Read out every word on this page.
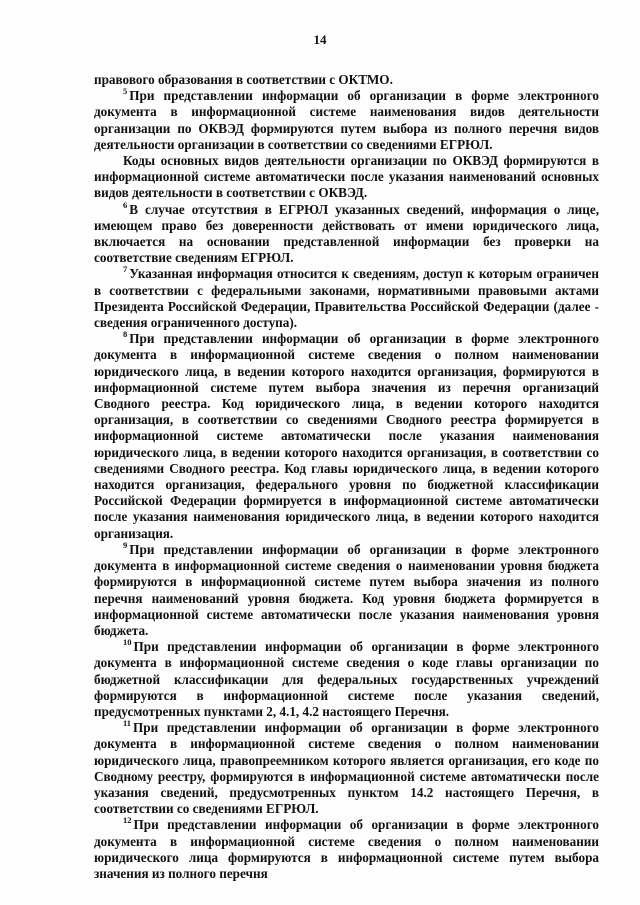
14

правового образования в соответствии с ОКТМО.

$^5$ При представлении информации об организации в форме электронного документа в информационной системе наименования видов деятельности организации по ОКВЭД формируются путем выбора из полного перечня видов деятельности организации в соответствии со сведениями ЕГРЮЛ.

Коды основных видов деятельности организации по ОКВЭД формируются в информационной системе автоматически после указания наименований основных видов деятельности в соответствии с ОКВЭД.

$^6$ В случае отсутствия в ЕГРЮЛ указанных сведений, информация о лице, имеющем право без доверенности действовать от имени юридического лица, включается на основании представленной информации без проверки на соответствие сведениям ЕГРЮЛ.

$^7$ Указанная информация относится к сведениям, доступ к которым ограничен в соответствии с федеральными законами, нормативными правовыми актами Президента Российской Федерации, Правительства Российской Федерации (далее - сведения ограниченного доступа).

$^8$ При представлении информации об организации в форме электронного документа в информационной системе сведения о полном наименовании юридического лица, в ведении которого находится организация, формируются в информационной системе путем выбора значения из перечня организаций Сводного реестра. Код юридического лица, в ведении которого находится организация, в соответствии со сведениями Сводного реестра формируется в информационной системе автоматически после указания наименования юридического лица, в ведении которого находится организация, в соответствии со сведениями Сводного реестра. Код главы юридического лица, в ведении которого находится организация, федерального уровня по бюджетной классификации Российской Федерации формируется в информационной системе автоматически после указания наименования юридического лица, в ведении которого находится организация.

$^9$ При представлении информации об организации в форме электронного документа в информационной системе сведения о наименовании уровня бюджета формируются в информационной системе путем выбора значения из полного перечня наименований уровня бюджета. Код уровня бюджета формируется в информационной системе автоматически после указания наименования уровня бюджета.

$^{10}$ При представлении информации об организации в форме электронного документа в информационной системе сведения о коде главы организации по бюджетной классификации для федеральных государственных учреждений формируются в информационной системе после указания сведений, предусмотренных пунктами 2, 4.1, 4.2 настоящего Перечня.

$^{11}$ При представлении информации об организации в форме электронного документа в информационной системе сведения о полном наименовании юридического лица, правопреемником которого является организация, его коде по Сводному реестру, формируются в информационной системе автоматически после указания сведений, предусмотренных пунктом 14.2 настоящего Перечня, в соответствии со сведениями ЕГРЮЛ.

$^{12}$ При представлении информации об организации в форме электронного документа в информационной системе сведения о полном наименовании юридического лица формируются в информационной системе путем выбора значения из полного перечня
